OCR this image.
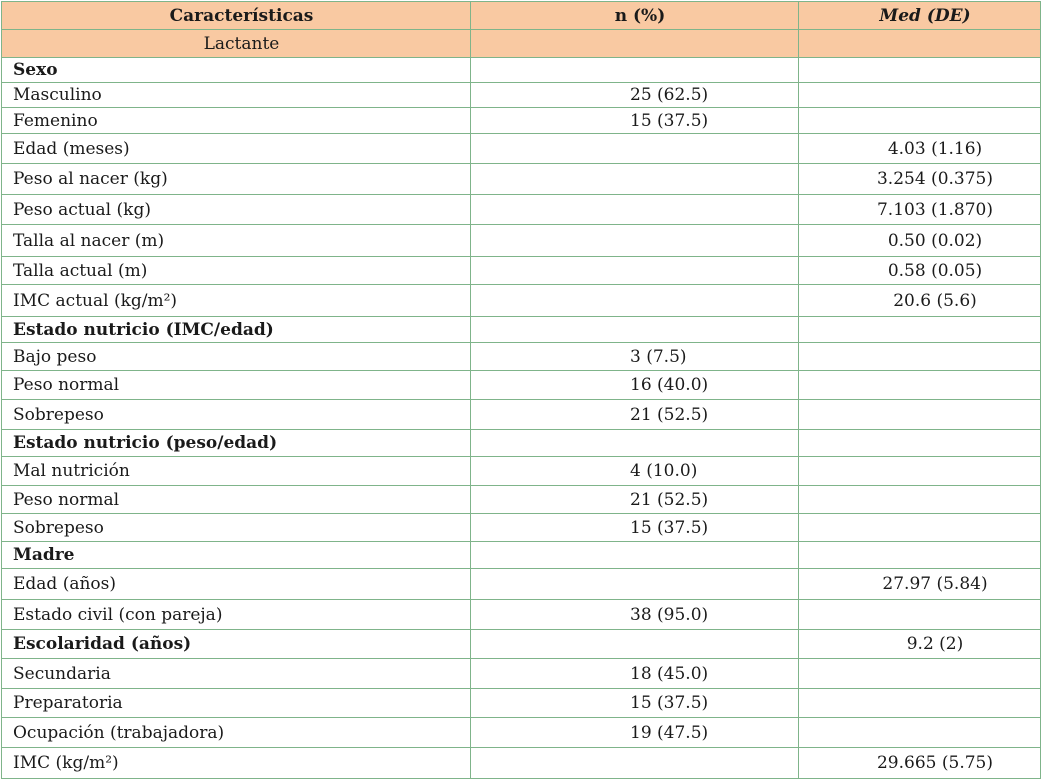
Características	n (%)	Med (DE)
Lactante		
Sexo		
Masculino	25 (62.5)	
Femenino	15 (37.5)	
Edad (meses)		4.03 (1.16)
Peso al nacer (kg)		3.254 (0.375)
Peso actual (kg)		7.103 (1.870)
Talla al nacer (m)		0.50 (0.02)
Talla actual (m)		0.58 (0.05)
IMC actual (kg/m²)		20.6 (5.6)
Estado nutricio (IMC/edad)		
Bajo peso	3 (7.5)	
Peso normal	16 (40.0)	
Sobrepeso	21 (52.5)	
Estado nutricio (peso/edad)		
Mal nutrición	4 (10.0)	
Peso normal	21 (52.5)	
Sobrepeso	15 (37.5)	
Madre		
Edad (años)		27.97 (5.84)
Estado civil (con pareja)	38 (95.0)	
Escolaridad (años)		9.2 (2)
Secundaria	18 (45.0)	
Preparatoria	15 (37.5)	
Ocupación (trabajadora)	19 (47.5)	
IMC (kg/m²)		29.665 (5.75)
